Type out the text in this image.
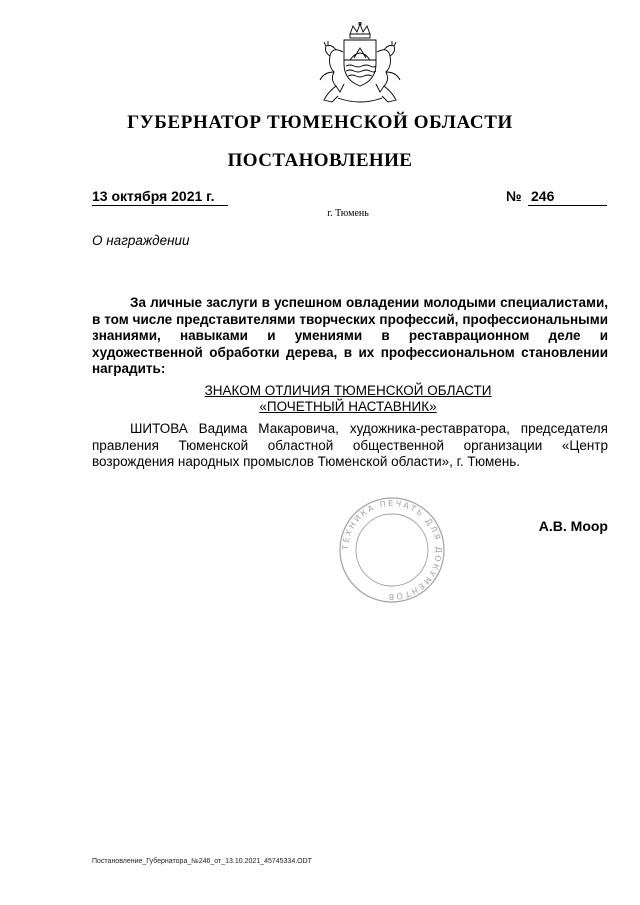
ГУБЕРНАТОР ТЮМЕНСКОЙ ОБЛАСТИ
ПОСТАНОВЛЕНИЕ
13 октября 2021 г.	№ 246
г. Тюмень
О награждении
За личные заслуги в успешном овладении молодыми специалистами, в том числе представителями творческих профессий, профессиональными знаниями, навыками и умениями в реставрационном деле и художественной обработки дерева, в их профессиональном становлении наградить:
ЗНАКОМ ОТЛИЧИЯ ТЮМЕНСКОЙ ОБЛАСТИ
«ПОЧЕТНЫЙ НАСТАВНИК»
ШИТОВА Вадима Макаровича, художника-реставратора, председателя правления Тюменской областной общественной организации «Центр возрождения народных промыслов Тюменской области», г. Тюмень.
ТЕХНИКА ПЕЧАТЬ ДЛЯ ДОКУМЕНТОВ
А.В. Моор
Постановление_Губернатора_№246_от_13.10.2021_45745334.ODT
